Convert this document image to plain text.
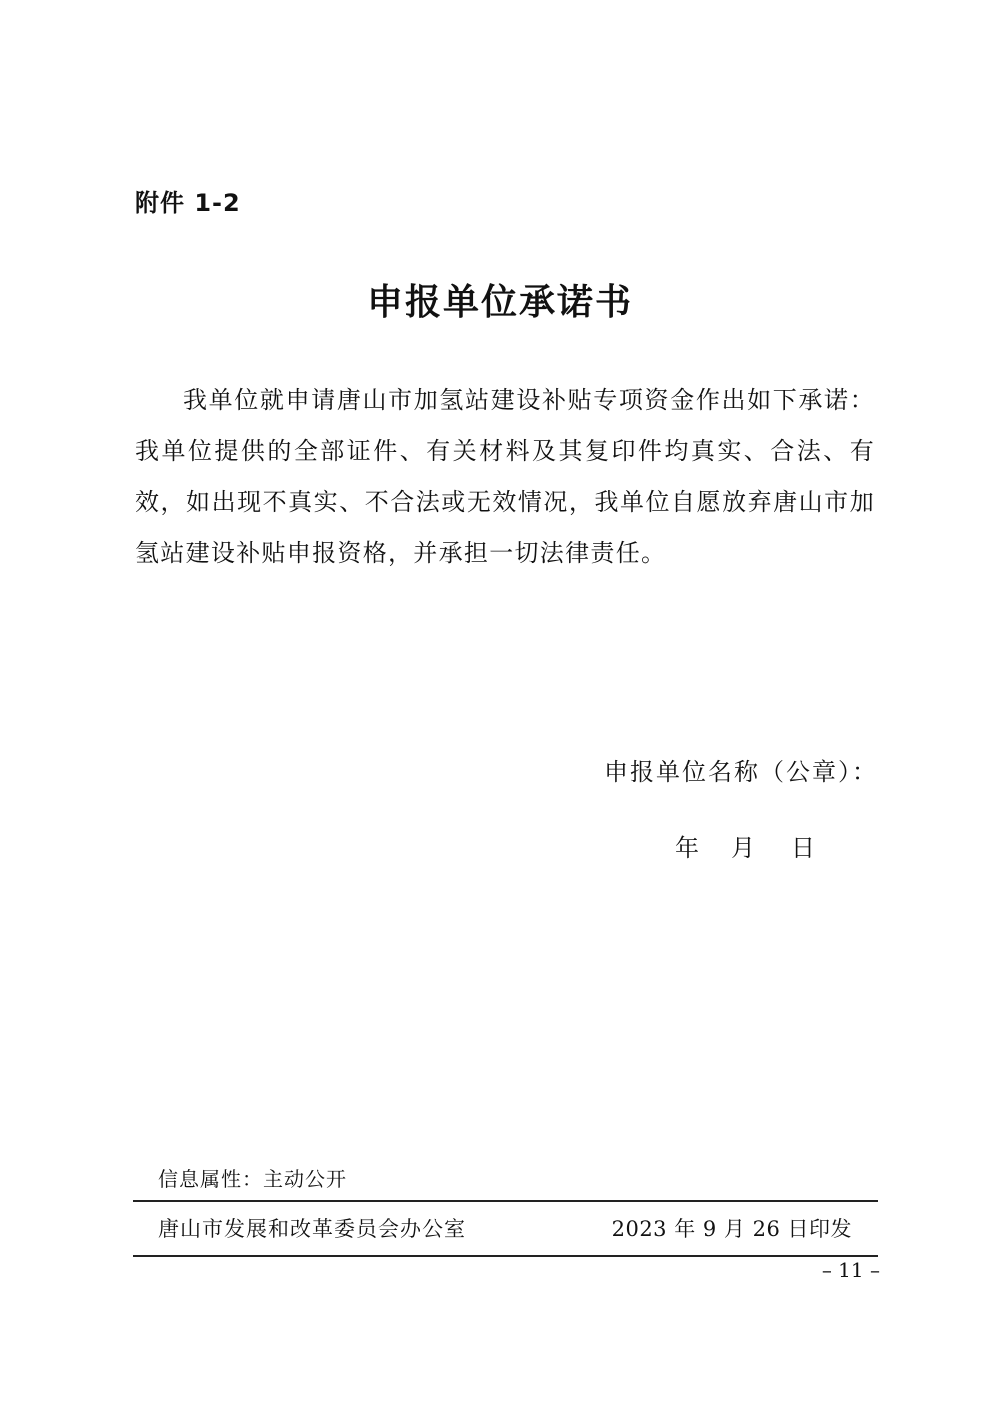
附件 1-2
申报单位承诺书

我单位就申请唐山市加氢站建设补贴专项资金作出如下承诺：我单位提供的全部证件、有关材料及其复印件均真实、合法、有效，如出现不真实、不合法或无效情况，我单位自愿放弃唐山市加氢站建设补贴申报资格，并承担一切法律责任。

申报单位名称（公章）：
年 月 日
信息属性：主动公开
唐山市发展和改革委员会办公室	2023 年 9 月 26 日印发
– 11 –
